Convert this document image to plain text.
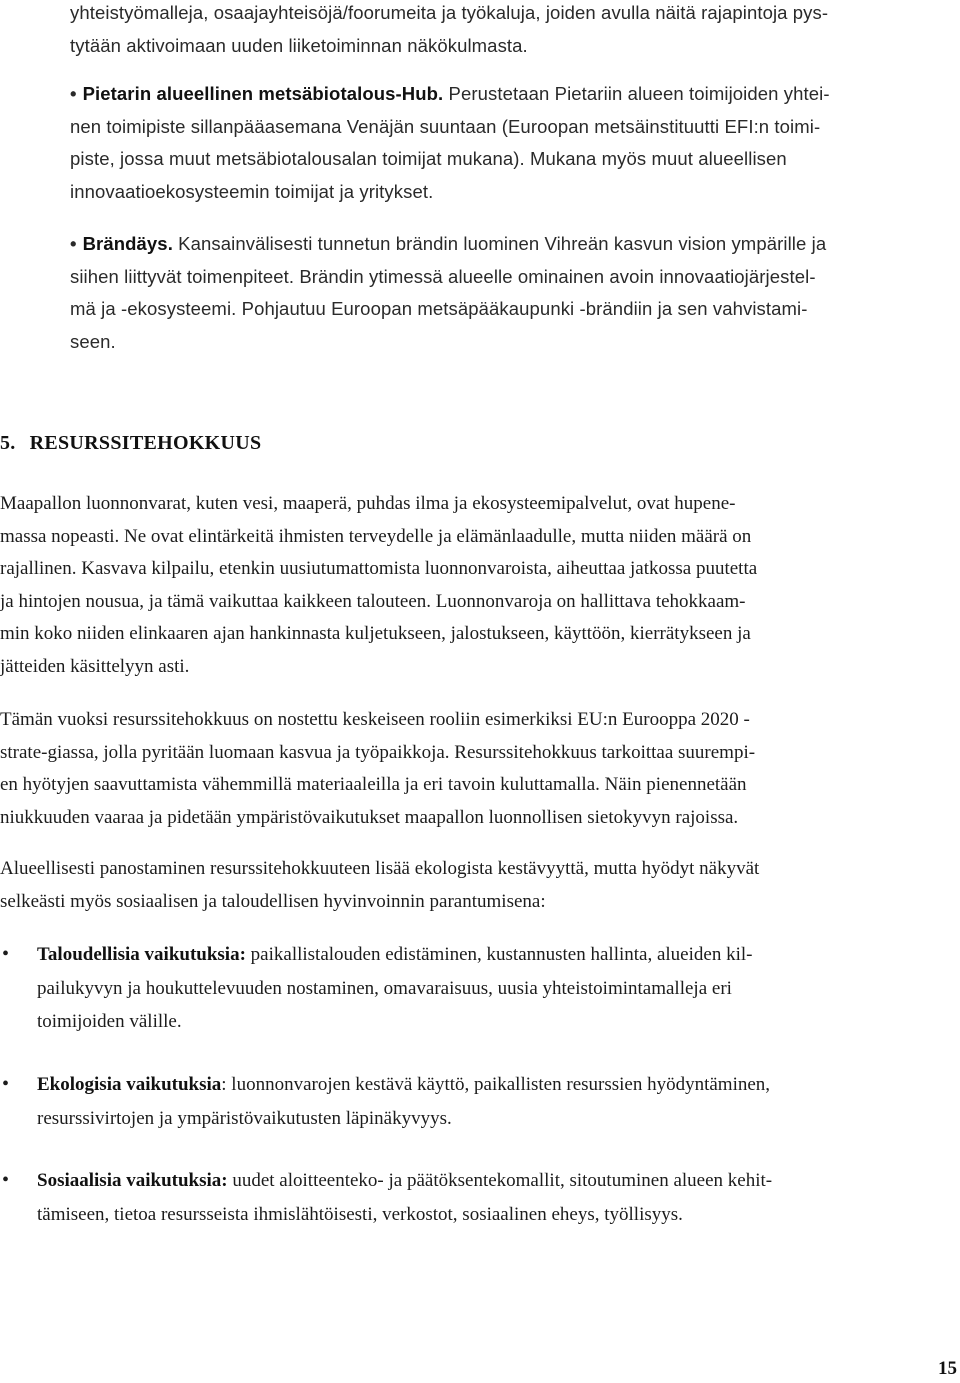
yhteistyömalleja, osaajayhteisöjä/foorumeita ja työkaluja, joiden avulla näitä rajapintoja pys-
tytään aktivoimaan uuden liiketoiminnan näkökulmasta.
• Pietarin alueellinen metsäbiotalous-Hub. Perustetaan Pietariin alueen toimijoiden yhtei-
nen toimipiste sillanpääasemana Venäjän suuntaan (Euroopan metsäinstituutti EFI:n toimi-
piste, jossa muut metsäbiotalousalan toimijat mukana). Mukana myös muut alueellisen
innovaatioekosysteemin toimijat ja yritykset.
• Brändäys. Kansainvälisesti tunnetun brändin luominen Vihreän kasvun vision ympärille ja
siihen liittyvät toimenpiteet. Brändin ytimessä alueelle ominainen avoin innovaatiojärjestel-
mä ja -ekosysteemi. Pohjautuu Euroopan metsäpääkaupunki -brändiin ja sen vahvistami-
seen.
5. RESURSSITEHOKKUUS
Maapallon luonnonvarat, kuten vesi, maaperä, puhdas ilma ja ekosysteemipalvelut, ovat hupene-
massa nopeasti. Ne ovat elintärkeitä ihmisten terveydelle ja elämänlaadulle, mutta niiden määrä on
rajallinen. Kasvava kilpailu, etenkin uusiutumattomista luonnonvaroista, aiheuttaa jatkossa puutetta
ja hintojen nousua, ja tämä vaikuttaa kaikkeen talouteen. Luonnonvaroja on hallittava tehokkaam-
min koko niiden elinkaaren ajan hankinnasta kuljetukseen, jalostukseen, käyttöön, kierrätykseen ja
jätteiden käsittelyyn asti.
Tämän vuoksi resurssitehokkuus on nostettu keskeiseen rooliin esimerkiksi EU:n Eurooppa 2020 -
strate-giassa, jolla pyritään luomaan kasvua ja työpaikkoja. Resurssitehokkuus tarkoittaa suurempi-
en hyötyjen saavuttamista vähemmillä materiaaleilla ja eri tavoin kuluttamalla. Näin pienennetään
niukkuuden vaaraa ja pidetään ympäristövaikutukset maapallon luonnollisen sietokyvyn rajoissa.
Alueellisesti panostaminen resurssitehokkuuteen lisää ekologista kestävyyttä, mutta hyödyt näkyvät
selkeästi myös sosiaalisen ja taloudellisen hyvinvoinnin parantumisena:
• Taloudellisia vaikutuksia: paikallistalouden edistäminen, kustannusten hallinta, alueiden kil-
pailukyvyn ja houkuttelevuuden nostaminen, omavaraisuus, uusia yhteistoimintamalleja eri
toimijoiden välille.
• Ekologisia vaikutuksia: luonnonvarojen kestävä käyttö, paikallisten resurssien hyödyntäminen,
resurssivirtojen ja ympäristövaikutusten läpinäkyvyys.
• Sosiaalisia vaikutuksia: uudet aloitteenteko- ja päätöksentekomallit, sitoutuminen alueen kehit-
tämiseen, tietoa resursseista ihmislähtöisesti, verkostot, sosiaalinen eheys, työllisyys.
15
